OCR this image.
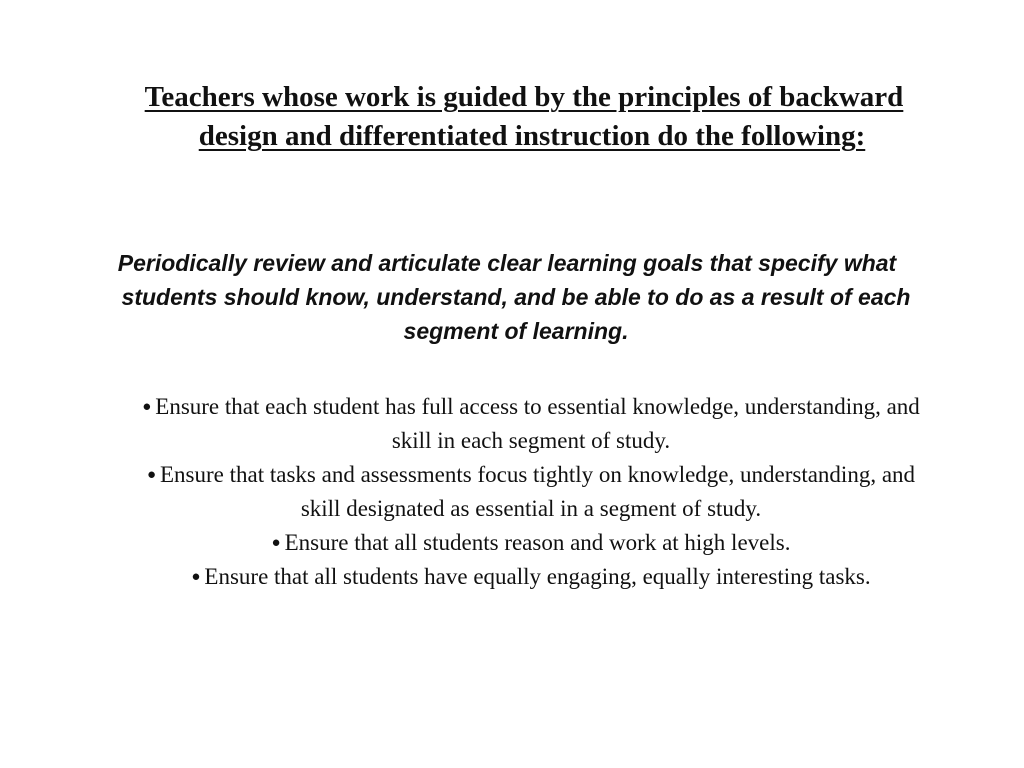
Teachers whose work is guided by the principles of backward design and differentiated instruction do the following:

Periodically review and articulate clear learning goals that specify what students should know, understand, and be able to do as a result of each segment of learning.

● Ensure that each student has full access to essential knowledge, understanding, and skill in each segment of study.
● Ensure that tasks and assessments focus tightly on knowledge, understanding, and skill designated as essential in a segment of study.
● Ensure that all students reason and work at high levels.
● Ensure that all students have equally engaging, equally interesting tasks.
